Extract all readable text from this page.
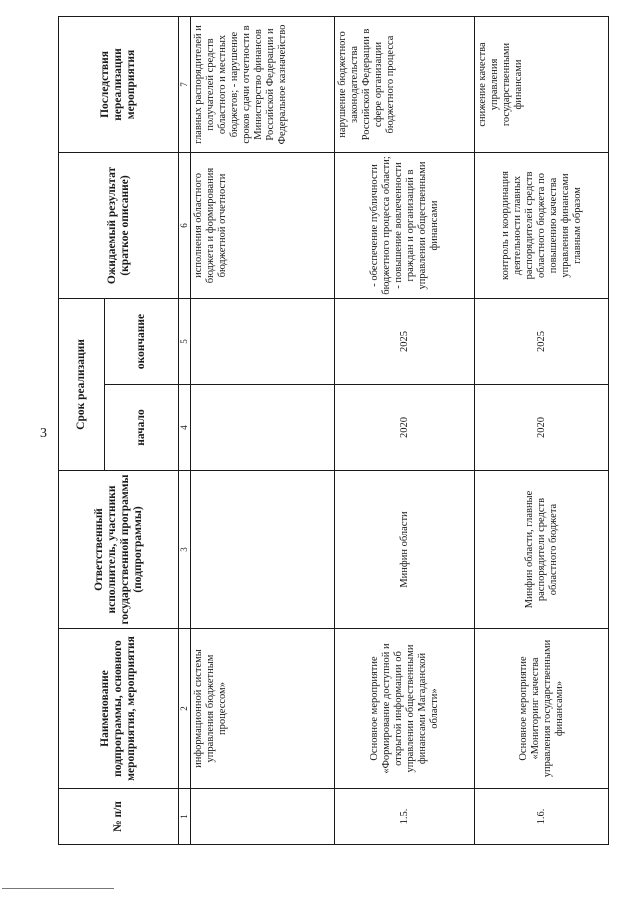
3
№ п/п	Наименование подпрограммы, основного мероприятия, мероприятия	Ответственный исполнитель, участники государственной программы (подпрограммы)	Срок реализации		Ожидаемый результат (краткое описание)	Последствия нереализации мероприятия
			начало	окончание		
1	2	3	4	5	6	7
	информационной системы управления бюджетным процессом»				исполнения областного бюджета и формирования бюджетной отчетности	главных распорядителей и получателей средств областного и местных бюджетов; - нарушение сроков сдачи отчетности в Министерство финансов Российской Федерации и Федеральное казначейство
1.5.	Основное мероприятие «Формирование доступной и открытой информации об управлении общественными финансами Магаданской области»	Минфин области	2020	2025	- обеспечение публичности бюджетного процесса области; - повышение вовлеченности граждан и организаций в управлении общественными финансами	нарушение бюджетного законодательства Российской Федерации в сфере организации бюджетного процесса
1.6.	Основное мероприятие «Мониторинг качества управления государственными финансами»	Минфин области, главные распорядители средств областного бюджета	2020	2025	контроль и координация деятельности главных распорядителей средств областного бюджета по повышению качества управления финансами главным образом	снижение качества управления государственными финансами
